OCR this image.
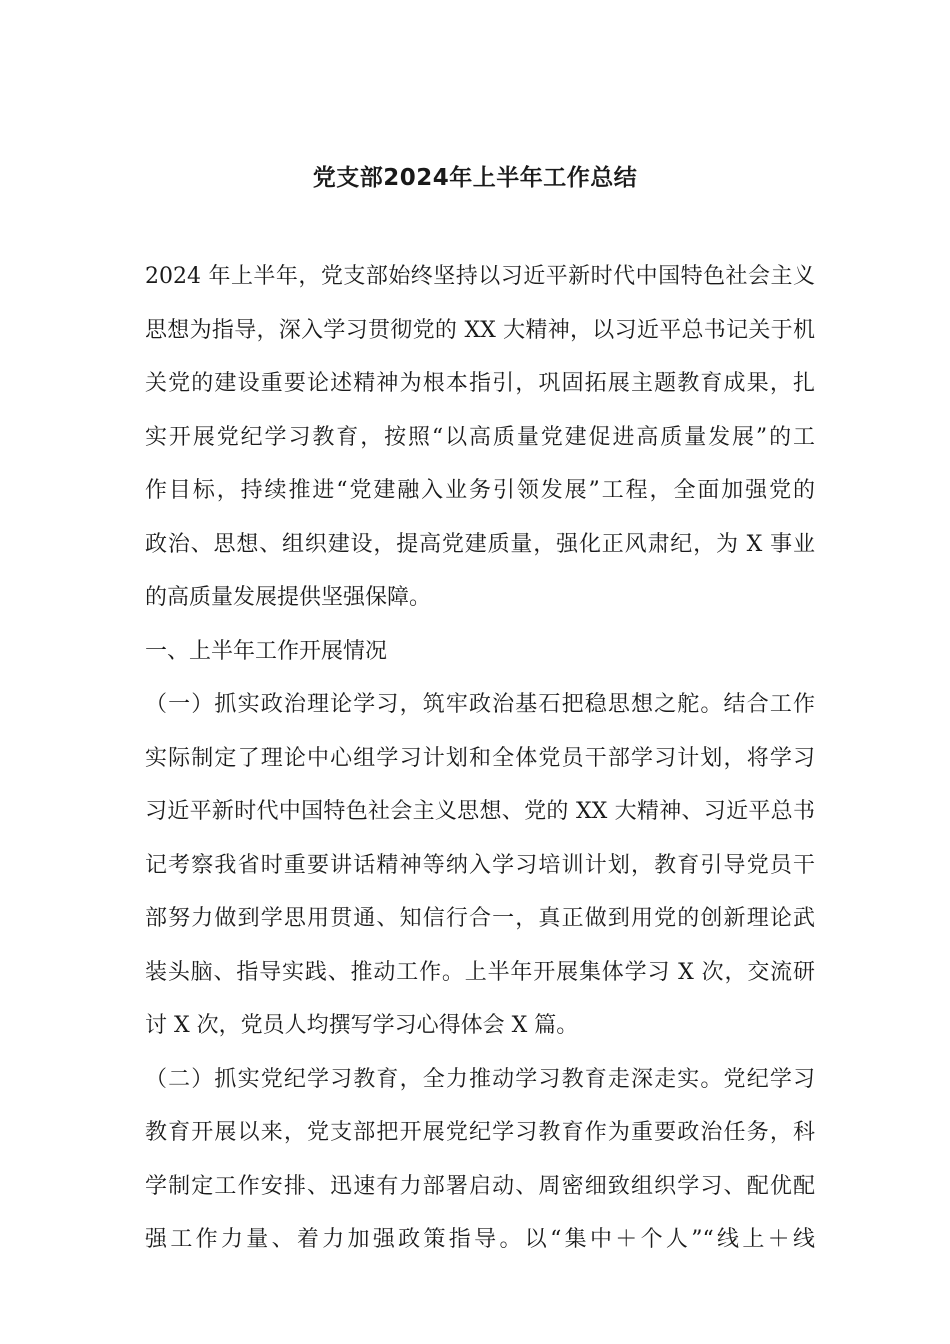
党支部2024年上半年工作总结
2024 年上半年，党支部始终坚持以习近平新时代中国特色社会主义
思想为指导，深入学习贯彻党的 XX 大精神，以习近平总书记关于机
关党的建设重要论述精神为根本指引，巩固拓展主题教育成果，扎
实开展党纪学习教育，按照“以高质量党建促进高质量发展”的工
作目标，持续推进“党建融入业务引领发展”工程，全面加强党的
政治、思想、组织建设，提高党建质量，强化正风肃纪，为 X 事业
的高质量发展提供坚强保障。
一、上半年工作开展情况
（一）抓实政治理论学习，筑牢政治基石把稳思想之舵。结合工作
实际制定了理论中心组学习计划和全体党员干部学习计划，将学习
习近平新时代中国特色社会主义思想、党的 XX 大精神、习近平总书
记考察我省时重要讲话精神等纳入学习培训计划，教育引导党员干
部努力做到学思用贯通、知信行合一，真正做到用党的创新理论武
装头脑、指导实践、推动工作。上半年开展集体学习 X 次，交流研
讨 X 次，党员人均撰写学习心得体会 X 篇。
（二）抓实党纪学习教育，全力推动学习教育走深走实。党纪学习
教育开展以来，党支部把开展党纪学习教育作为重要政治任务，科
学制定工作安排、迅速有力部署启动、周密细致组织学习、配优配
强工作力量、着力加强政策指导。以“集中＋个人”“线上＋线
